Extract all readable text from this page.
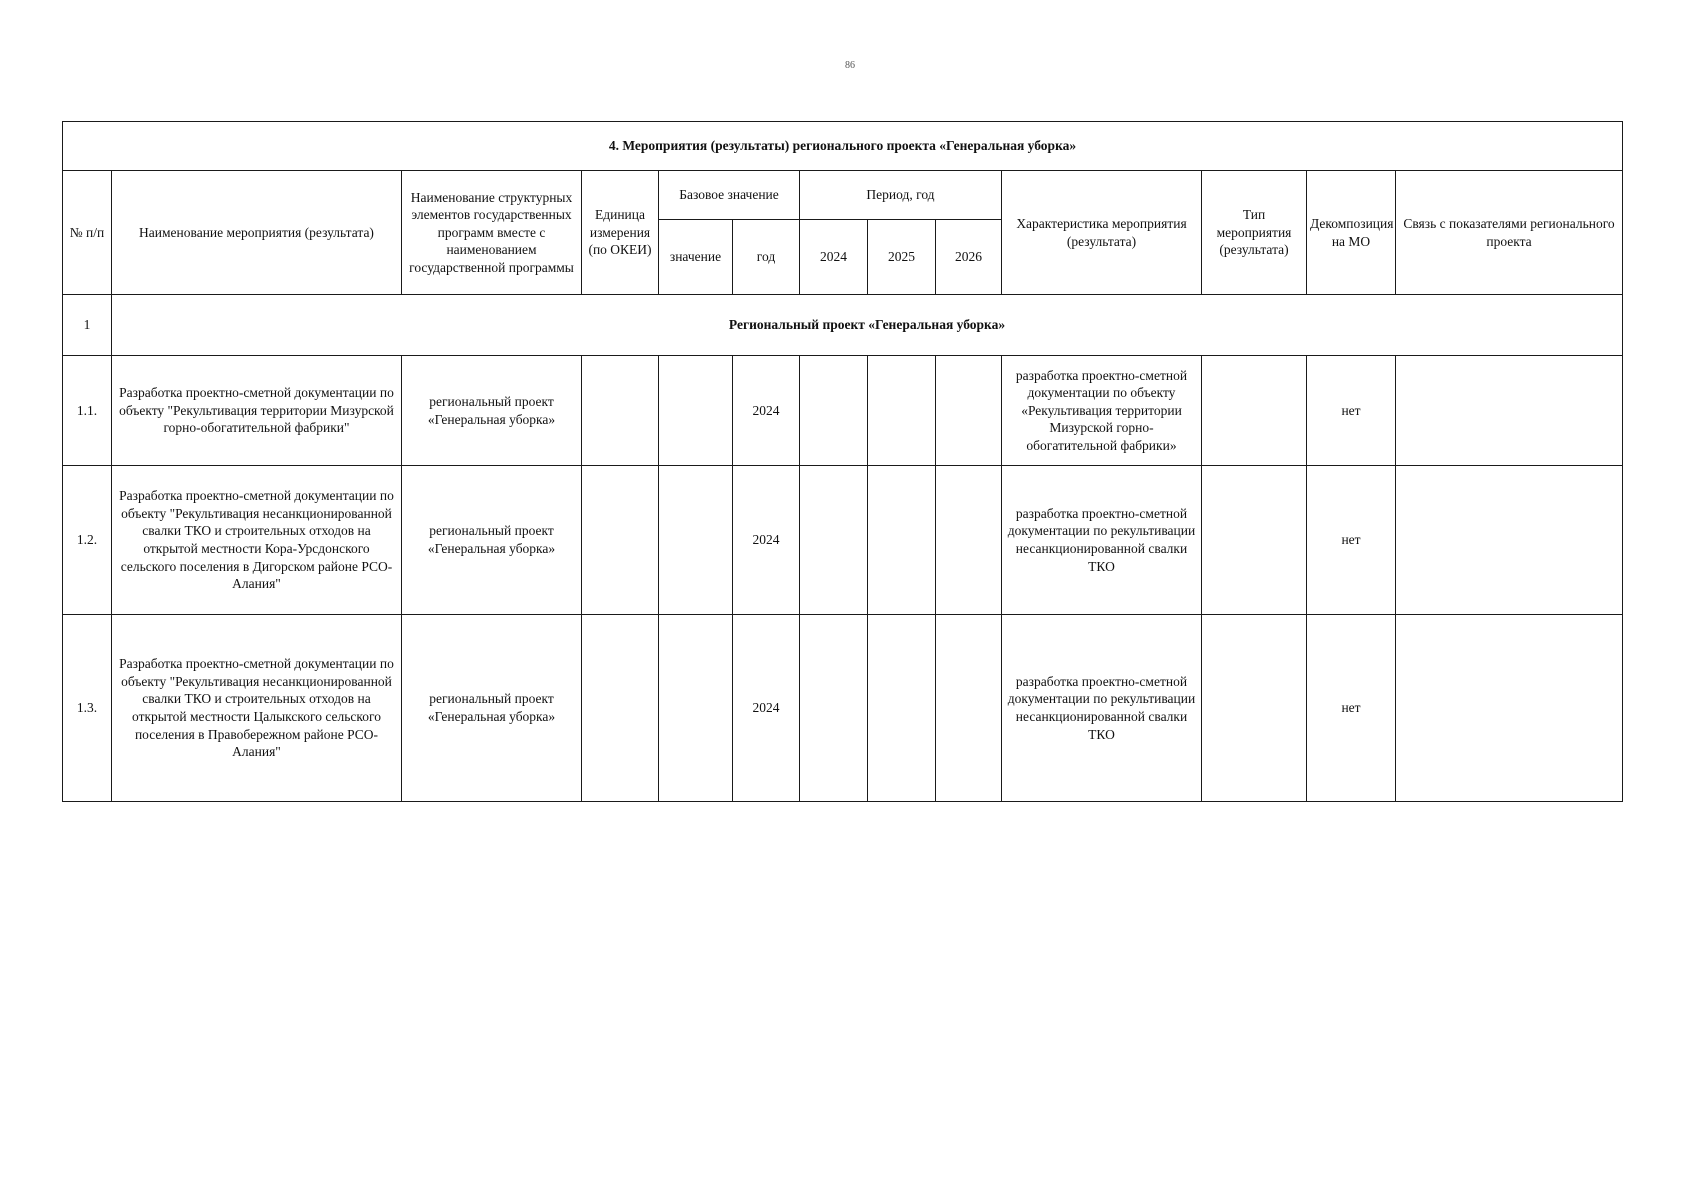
86
4. Мероприятия (результаты) регионального проекта «Генеральная уборка»												
№ п/п	Наименование мероприятия (результата)	Наименование структурных элементов государственных программ вместе с наименованием государственной программы	Единица измерения (по ОКЕИ)	Базовое значение		Период, год			Характеристика мероприятия (результата)	Тип мероприятия (результата)	Декомпозиция на МО	Связь с показателями регионального проекта
				значение	год	2024	2025	2026				
1	Региональный проект «Генеральная уборка»											
1.1.	Разработка проектно-сметной документации по объекту "Рекультивация территории Мизурской горно-обогатительной фабрики"	региональный проект «Генеральная уборка»			2024				разработка проектно-сметной документации по объекту «Рекультивация территории Мизурской горно-обогатительной фабрики»		нет	
1.2.	Разработка проектно-сметной документации по объекту "Рекультивация несанкционированной свалки ТКО и строительных отходов на открытой местности Кора-Урсдонского сельского поселения в Дигорском районе РСО-Алания"	региональный проект «Генеральная уборка»			2024				разработка проектно-сметной документации по рекультивации несанкционированной свалки ТКО		нет	
1.3.	Разработка проектно-сметной документации по объекту "Рекультивация несанкционированной свалки ТКО и строительных отходов на открытой местности Цалыкского сельского поселения в Правобережном районе РСО-Алания"	региональный проект «Генеральная уборка»			2024				разработка проектно-сметной документации по рекультивации несанкционированной свалки ТКО		нет	
